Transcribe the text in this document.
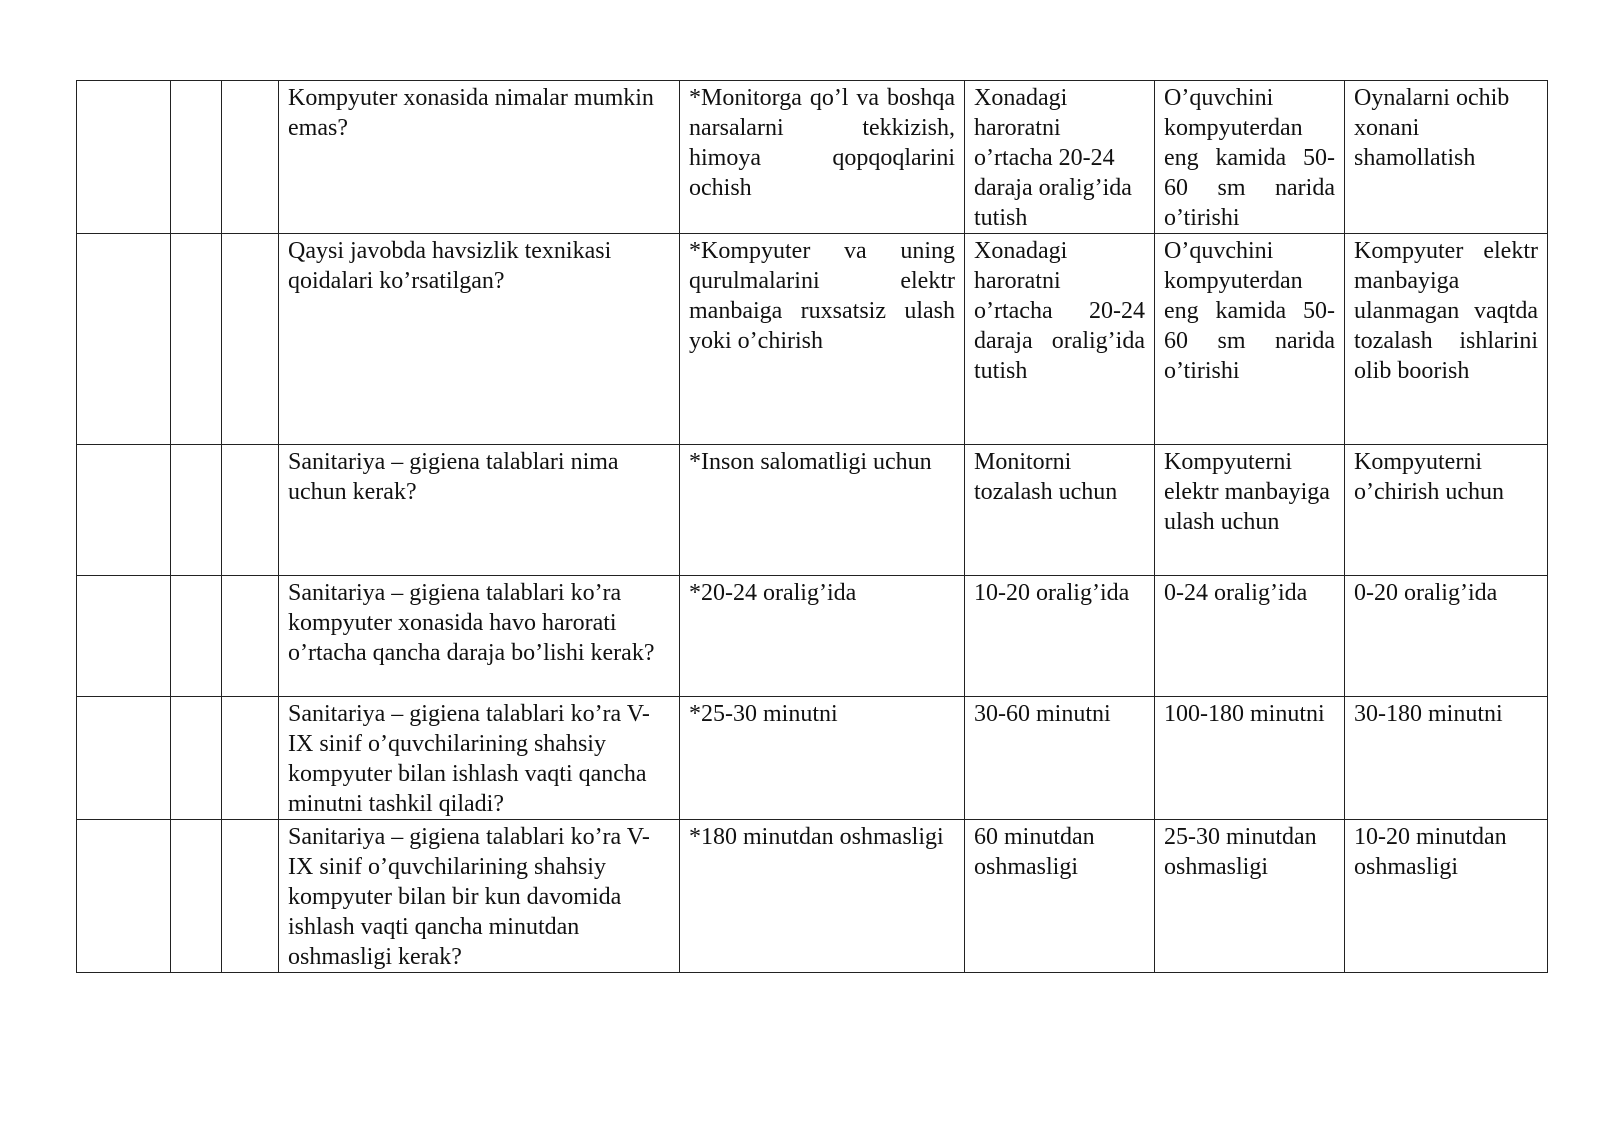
			Kompyuter xonasida nimalar mumkin emas?	*Monitorga qo’l va boshqa narsalarni tekkizish, himoya qopqoqlarini ochish	Xonadagi haroratni o’rtacha 20-24 daraja oralig’ida tutish	O’quvchini kompyuterdan eng kamida 50-60 sm narida o’tirishi	Oynalarni ochib xonani shamollatish
			Qaysi javobda havsizlik texnikasi qoidalari ko’rsatilgan?	*Kompyuter va uning qurulmalarini elektr manbaiga ruxsatsiz ulash yoki o’chirish	Xonadagi haroratni o’rtacha 20-24 daraja oralig’ida tutish	O’quvchini kompyuterdan eng kamida 50-60 sm narida o’tirishi	Kompyuter elektr manbayiga ulanmagan vaqtda tozalash ishlarini olib boorish
			Sanitariya – gigiena talablari nima uchun kerak?	*Inson salomatligi uchun	Monitorni tozalash uchun	Kompyuterni elektr manbayiga ulash uchun	Kompyuterni o’chirish uchun
			Sanitariya – gigiena talablari ko’ra kompyuter xonasida havo harorati o’rtacha qancha daraja bo’lishi kerak?	*20-24 oralig’ida	10-20 oralig’ida	0-24 oralig’ida	0-20 oralig’ida
			Sanitariya – gigiena talablari ko’ra V-IX sinif o’quvchilarining shahsiy kompyuter bilan ishlash vaqti qancha minutni tashkil qiladi?	*25-30 minutni	30-60 minutni	100-180 minutni	30-180 minutni
			Sanitariya – gigiena talablari ko’ra V-IX sinif o’quvchilarining shahsiy kompyuter bilan bir kun davomida ishlash vaqti qancha minutdan oshmasligi kerak?	*180 minutdan oshmasligi	60 minutdan oshmasligi	25-30 minutdan oshmasligi	10-20 minutdan oshmasligi
